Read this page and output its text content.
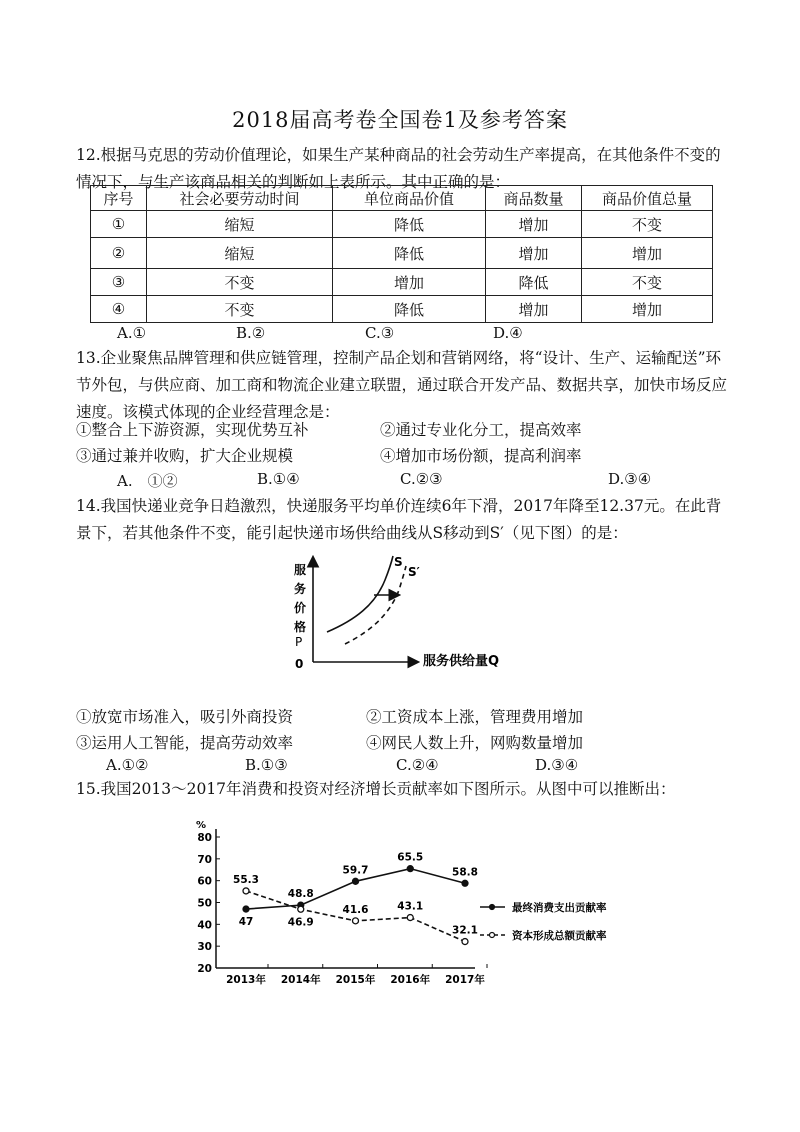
2018届高考卷全国卷1及参考答案
12.根据马克思的劳动价值理论，如果生产某种商品的社会劳动生产率提高，在其他条件不变的情况下，与生产该商品相关的判断如上表所示。其中正确的是：
序号	社会必要劳动时间	单位商品价值	商品数量	商品价值总量
①	缩短	降低	增加	不变
②	缩短	降低	增加	增加
③	不变	增加	降低	不变
④	不变	降低	增加	增加
A.①	B.②	C.③	D.④
13.企业聚焦品牌管理和供应链管理，控制产品企划和营销网络，将“设计、生产、运输配送”环节外包，与供应商、加工商和物流企业建立联盟，通过联合开发产品、数据共享，加快市场反应速度。该模式体现的企业经营理念是：
①整合上下游资源，实现优势互补	②通过专业化分工，提高效率
③通过兼并收购，扩大企业规模	④增加市场份额，提高利润率
A.　①②	B.①④	C.②③	D.③④
14.我国快递业竞争日趋激烈，快递服务平均单价连续6年下滑，2017年降至12.37元。在此背景下，若其他条件不变，能引起快递市场供给曲线从S移动到S′（见下图）的是：
服
务
价
格
P
0	服务供给量Q
S
S′
①放宽市场准入，吸引外商投资	②工资成本上涨，管理费用增加
③运用人工智能，提高劳动效率	④网民人数上升，网购数量增加
A.①②	B.①③	C.②④	D.③④
15.我国2013～2017年消费和投资对经济增长贡献率如下图所示。从图中可以推断出：
%
20
30
40
50
60
70
80
2013年 2014年 2015年 2016年 2017年
47
48.8
59.7
65.5
58.8
最终消费支出贡献率
55.3
46.9
41.6	43.1
32.1	资本形成总额贡献率
